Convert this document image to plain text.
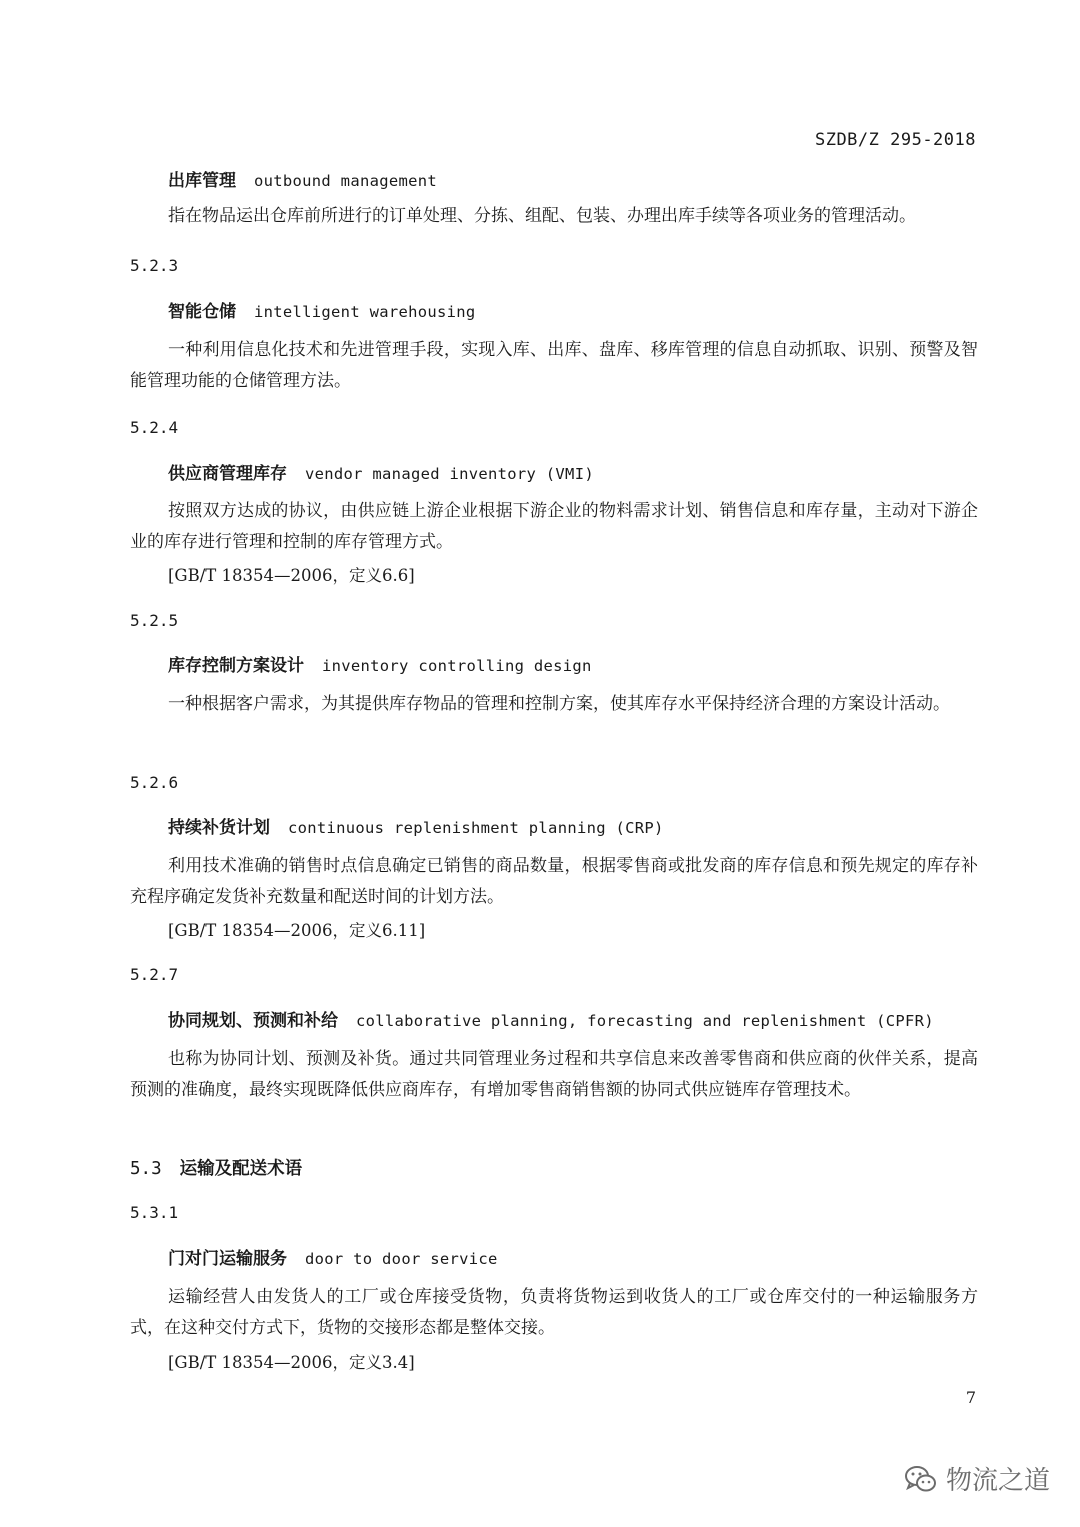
SZDB/Z 295-2018
出库管理 outbound management
指在物品运出仓库前所进行的订单处理、分拣、组配、包装、办理出库手续等各项业务的管理活动。
5.2.3
智能仓储 intelligent warehousing
一种利用信息化技术和先进管理手段，实现入库、出库、盘库、移库管理的信息自动抓取、识别、预警及智能管理功能的仓储管理方法。
5.2.4
供应商管理库存 vendor managed inventory (VMI)
按照双方达成的协议，由供应链上游企业根据下游企业的物料需求计划、销售信息和库存量，主动对下游企业的库存进行管理和控制的库存管理方式。
[GB/T 18354—2006，定义6.6]
5.2.5
库存控制方案设计 inventory controlling design
一种根据客户需求，为其提供库存物品的管理和控制方案，使其库存水平保持经济合理的方案设计活动。
5.2.6
持续补货计划 continuous replenishment planning (CRP)
利用技术准确的销售时点信息确定已销售的商品数量，根据零售商或批发商的库存信息和预先规定的库存补充程序确定发货补充数量和配送时间的计划方法。
[GB/T 18354—2006，定义6.11]
5.2.7
协同规划、预测和补给 collaborative planning, forecasting and replenishment (CPFR)
也称为协同计划、预测及补货。通过共同管理业务过程和共享信息来改善零售商和供应商的伙伴关系，提高预测的准确度，最终实现既降低供应商库存，有增加零售商销售额的协同式供应链库存管理技术。
5.3 运输及配送术语
5.3.1
门对门运输服务 door to door service
运输经营人由发货人的工厂或仓库接受货物，负责将货物运到收货人的工厂或仓库交付的一种运输服务方式，在这种交付方式下，货物的交接形态都是整体交接。
[GB/T 18354—2006，定义3.4]
7
物流之道
